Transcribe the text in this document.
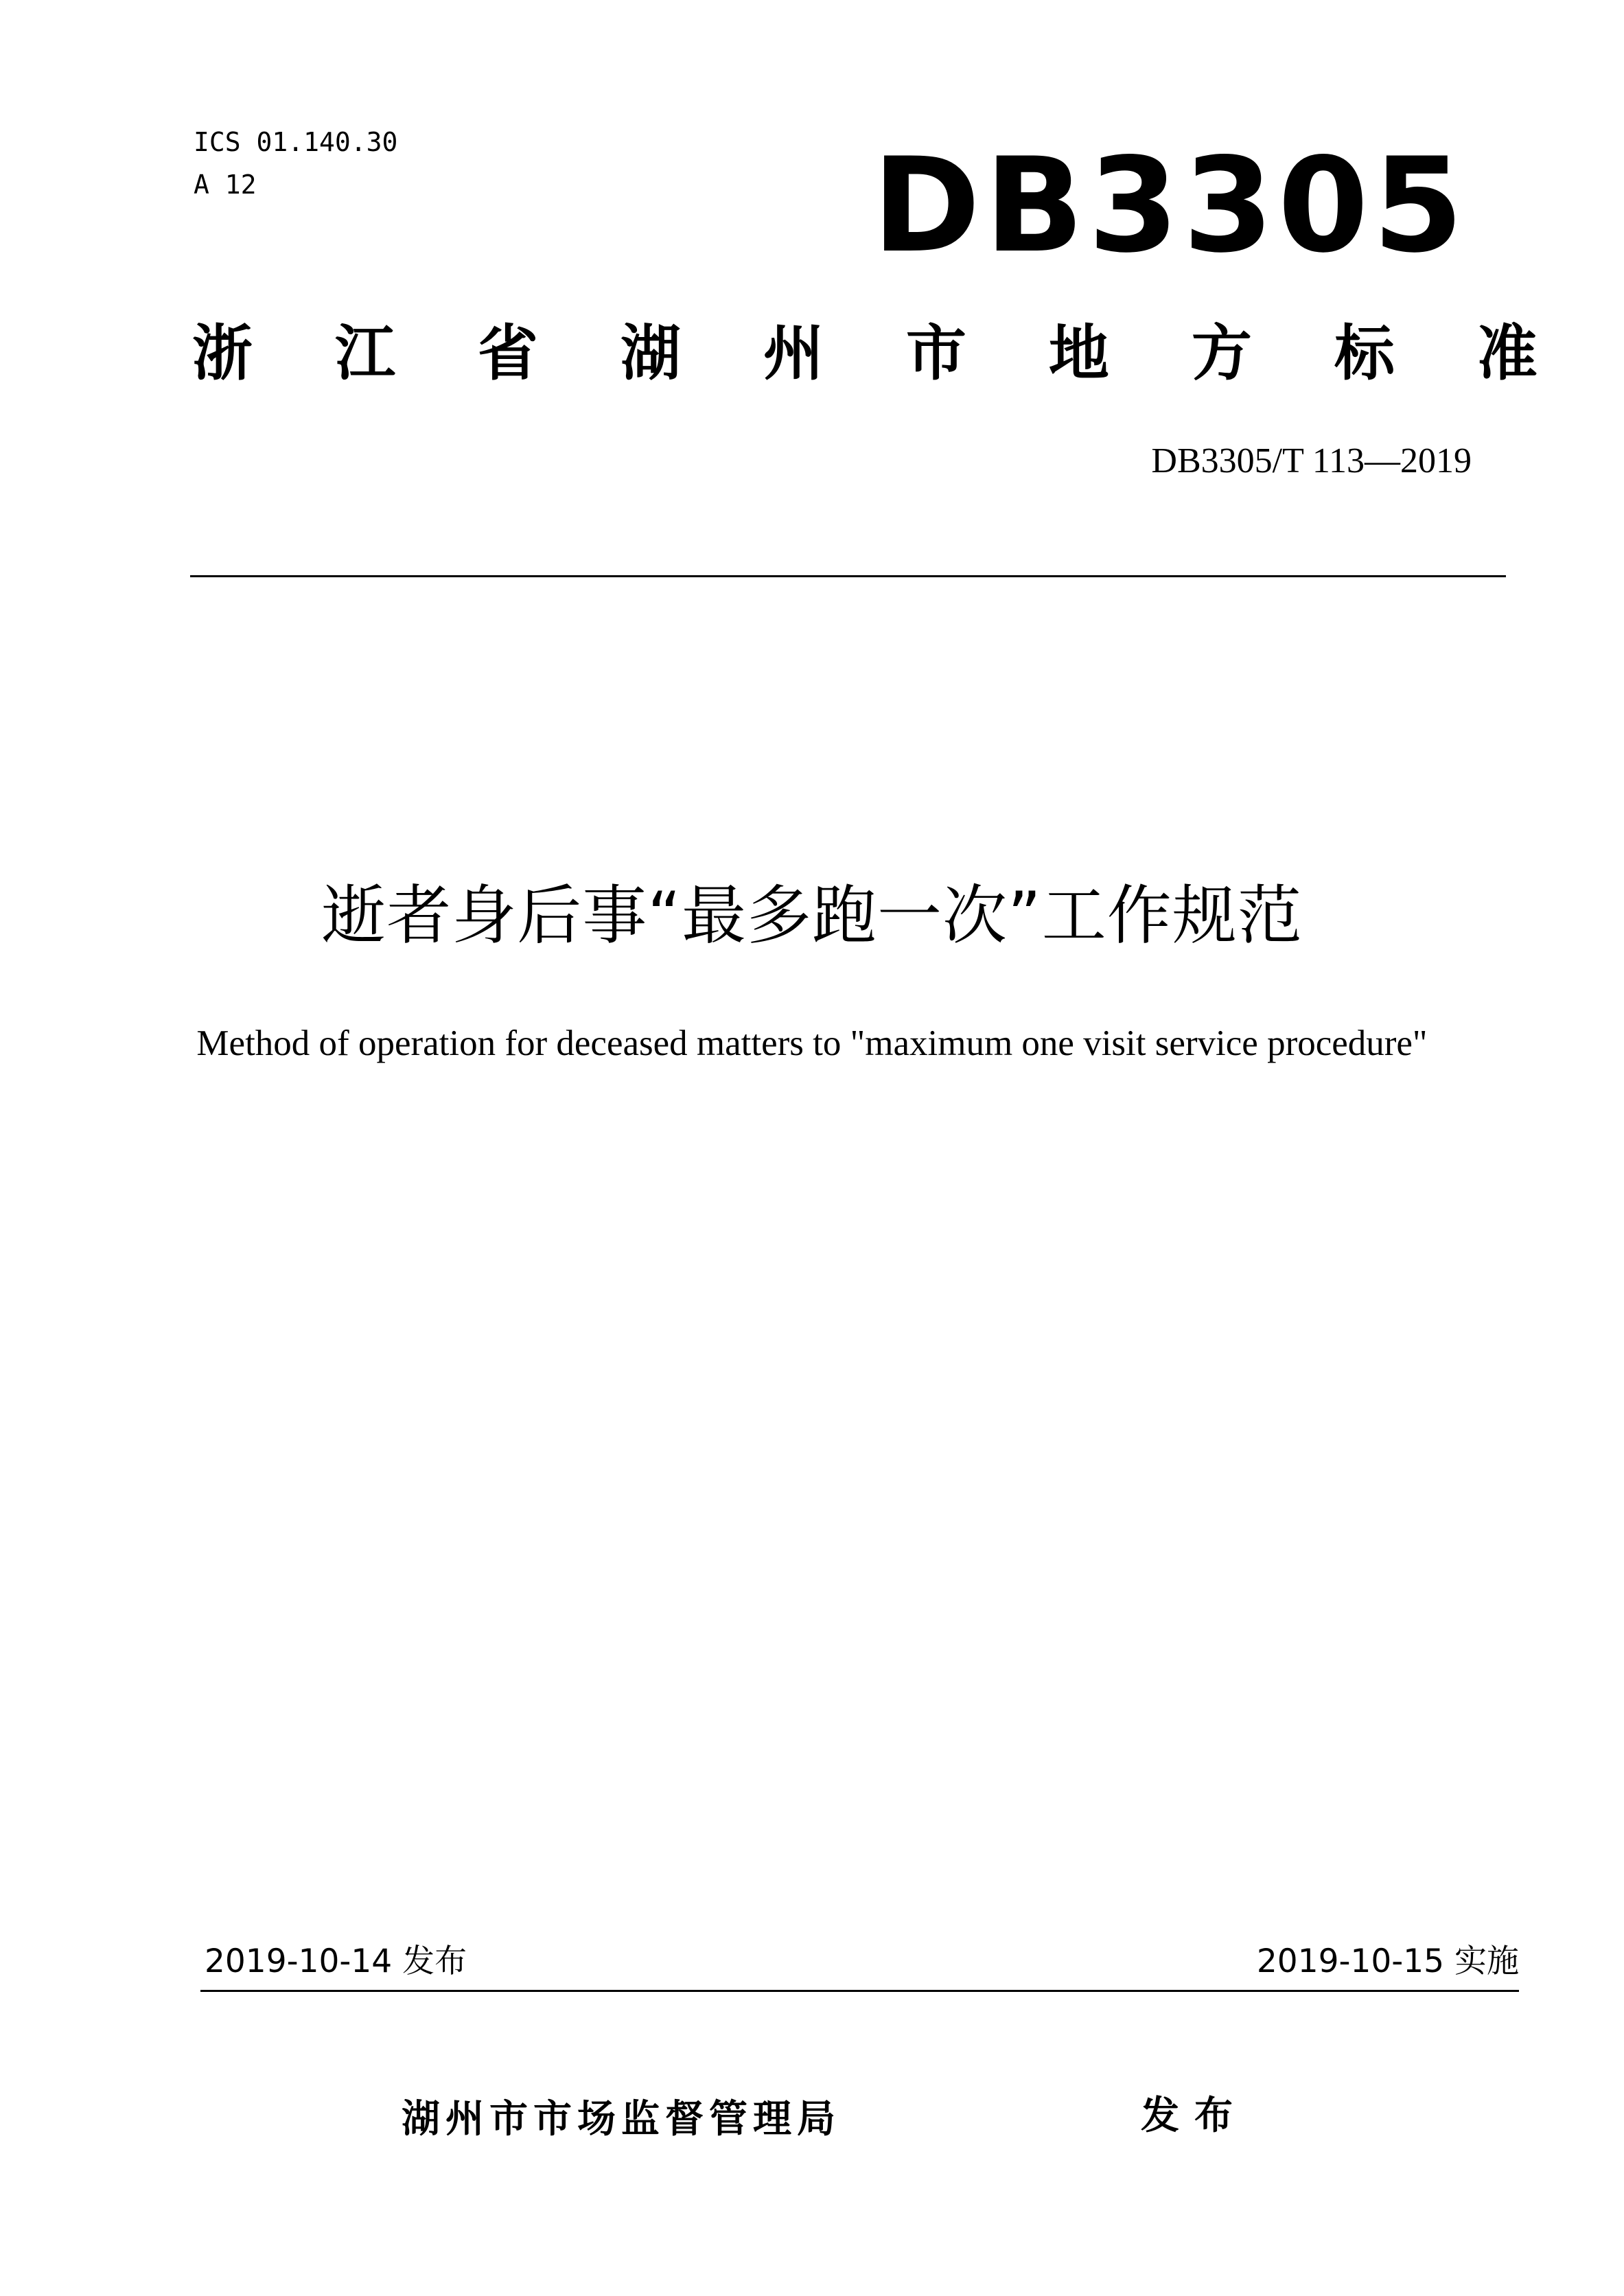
ICS 01.140.30
A 12	DB3305
浙 江 省 湖 州 市 地 方 标 准
DB3305/T 113—2019
逝者身后事“最多跑一次”工作规范
Method of operation for deceased matters to "maximum one visit service procedure"
2019-10-14 发布	2019-10-15 实施
湖州市市场监督管理局	发布
